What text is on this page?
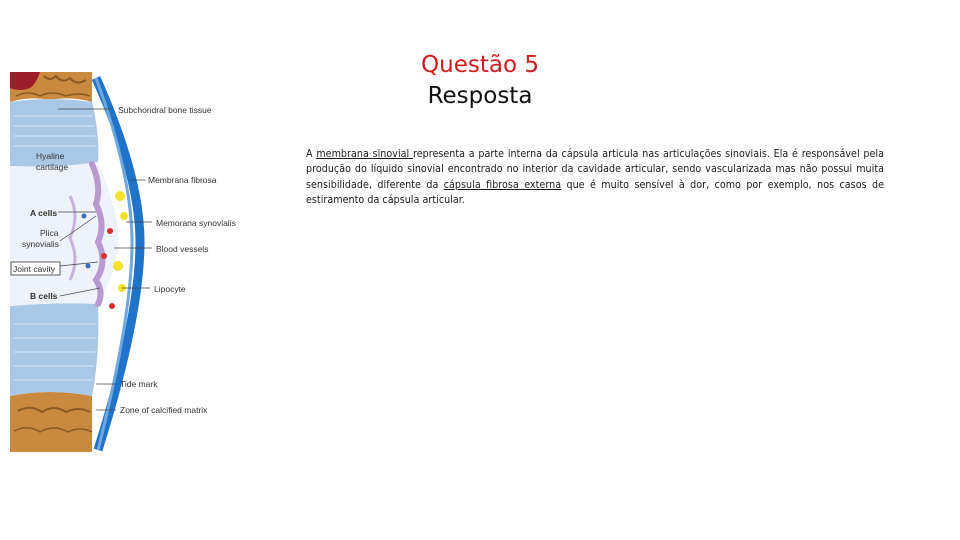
Questão 5
Resposta

A membrana sinovial representa a parte interna da cápsula articula nas articulações sinoviais. Ela é responsável pela produção do líquido sinovial encontrado no interior da cavidade articular, sendo vascularizada mas não possui muita sensibilidade, diferente da cápsula fibrosa externa que é muito sensível à dor, como por exemplo, nos casos de estiramento da cápsula articular.

Subchondral bone tissue
Hyaline
cartilage
Membrana fibrosa
A cells
Plica
synovialis
Memorana synovialis
Blood vessels
Joint cavity
B cells
Lipocyte
Tide mark
Zone of calcified matrix
